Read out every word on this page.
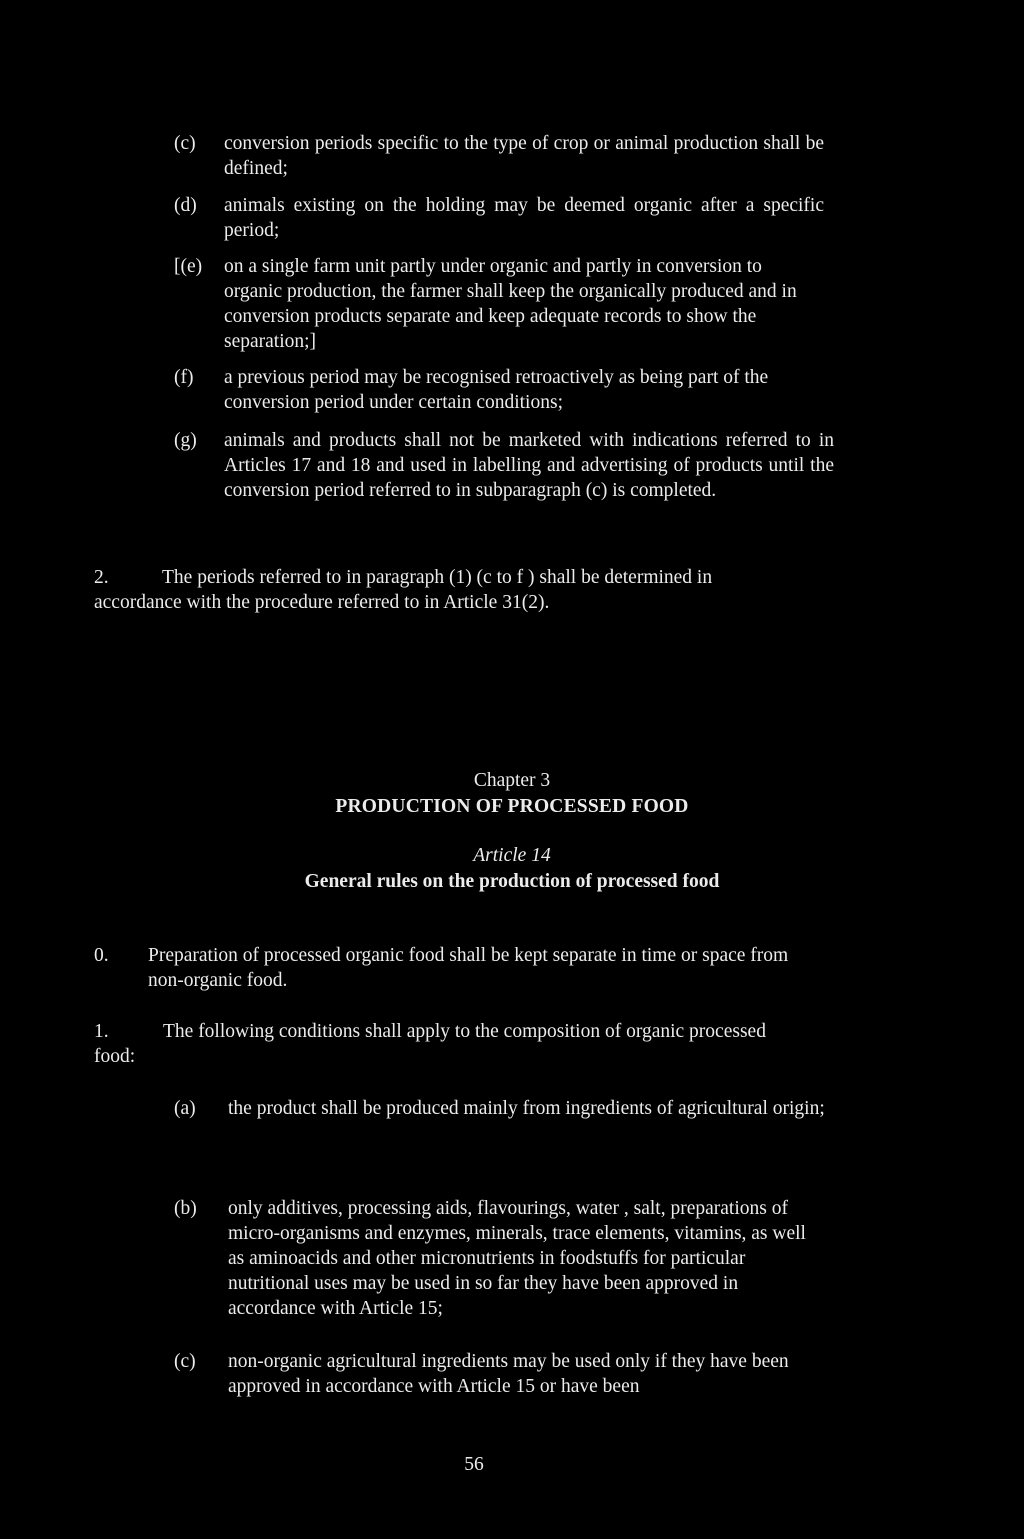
(c) conversion periods specific to the type of crop or animal production shall be defined;
(d) animals existing on the holding may be deemed organic after a specific period;
[(e) on a single farm unit partly under organic and partly in conversion to organic production, the farmer shall keep the organically produced and in conversion products separate and keep adequate records to show the separation;]
(f) a previous period may be recognised retroactively as being part of the conversion period under certain conditions;
(g) animals and products shall not be marketed with indications referred to in Articles 17 and 18 and used in labelling and advertising of products until the conversion period referred to in subparagraph (c) is completed.
2.	The periods referred to in paragraph (1) (c to f ) shall be determined in
accordance with the procedure referred to in Article 31(2).
Chapter 3
PRODUCTION OF PROCESSED FOOD
Article 14
General rules on the production of processed food
0. Preparation of processed organic food shall be kept separate in time or space from non-organic food.
1.	The following conditions shall apply to the composition of organic processed
food:
(a) the product shall be produced mainly from ingredients of agricultural origin;
(b) only additives, processing aids, flavourings, water , salt, preparations of micro-organisms and enzymes, minerals, trace elements, vitamins, as well as aminoacids and other micronutrients in foodstuffs for particular nutritional uses may be used in so far they have been approved in accordance with Article 15;
(c) non-organic agricultural ingredients may be used only if they have been approved in accordance with Article 15 or have been
56
